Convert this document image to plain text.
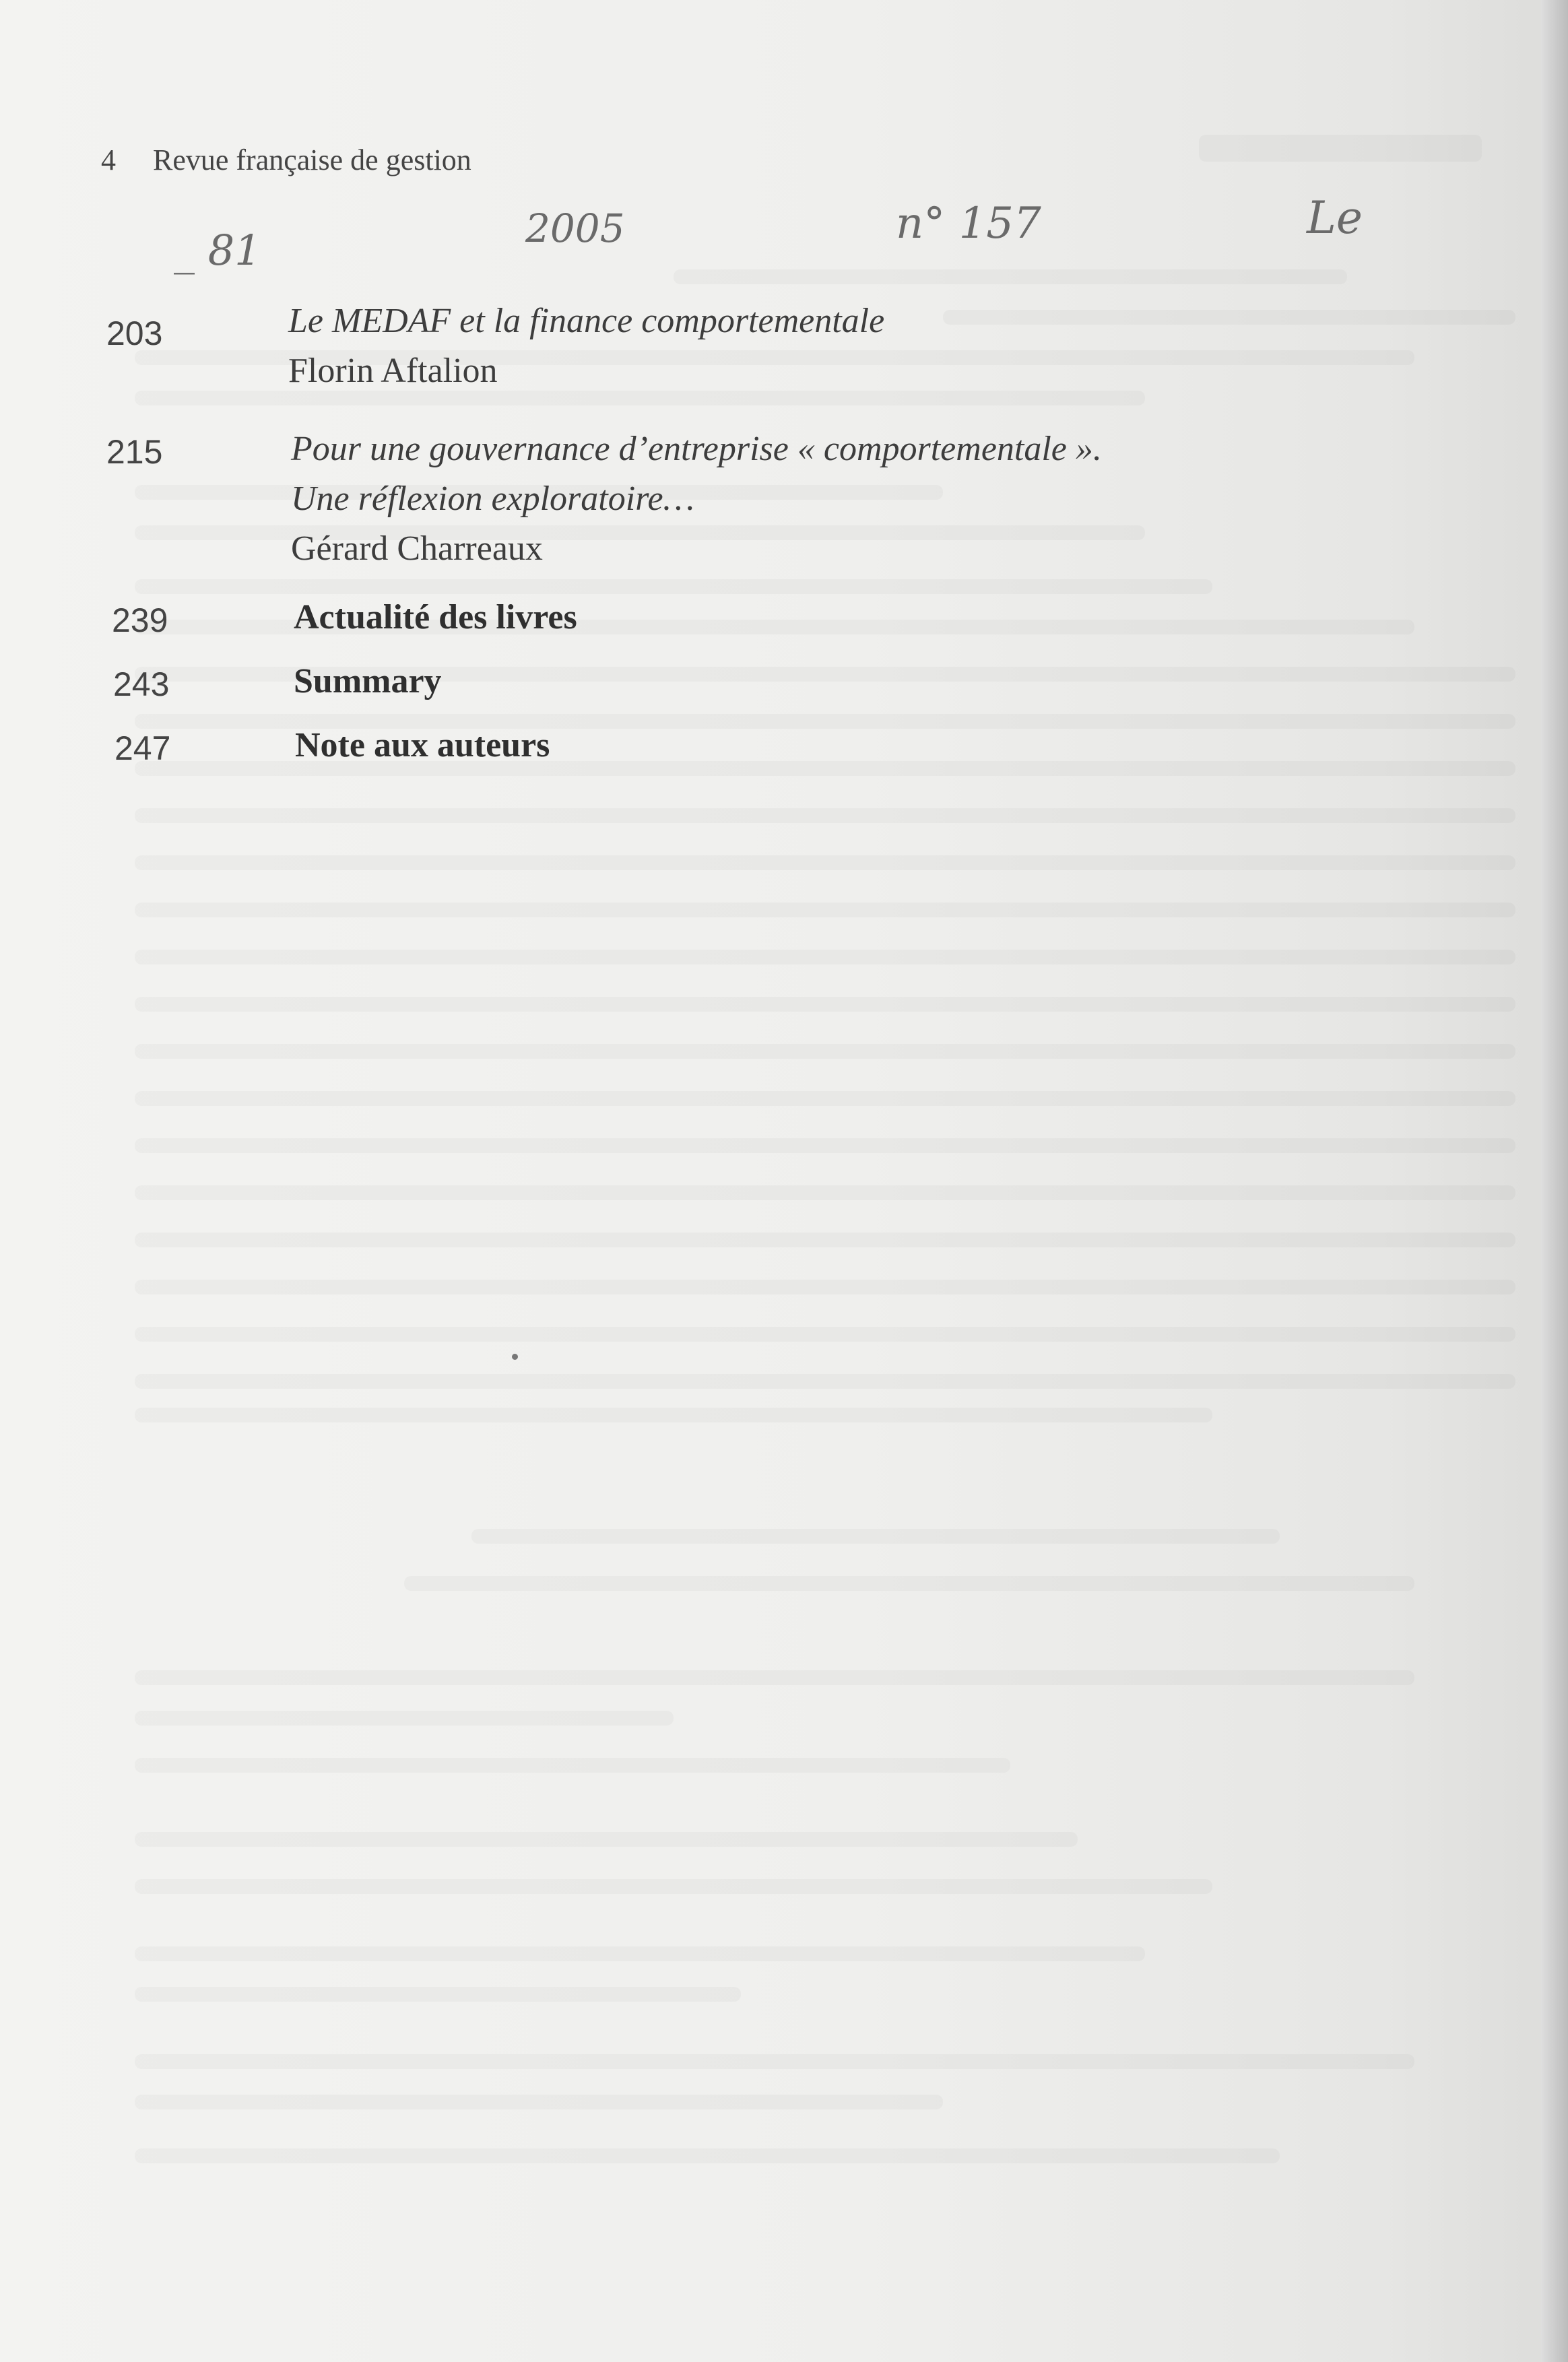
4 Revue française de gestion
_ 81	2005	n° 157	Le
203	Le MEDAF et la finance comportementale
Florin Aftalion
215	Pour une gouvernance d’entreprise « comportementale ».
Une réflexion exploratoire…
Gérard Charreaux
239	Actualité des livres
243	Summary
247	Note aux auteurs
